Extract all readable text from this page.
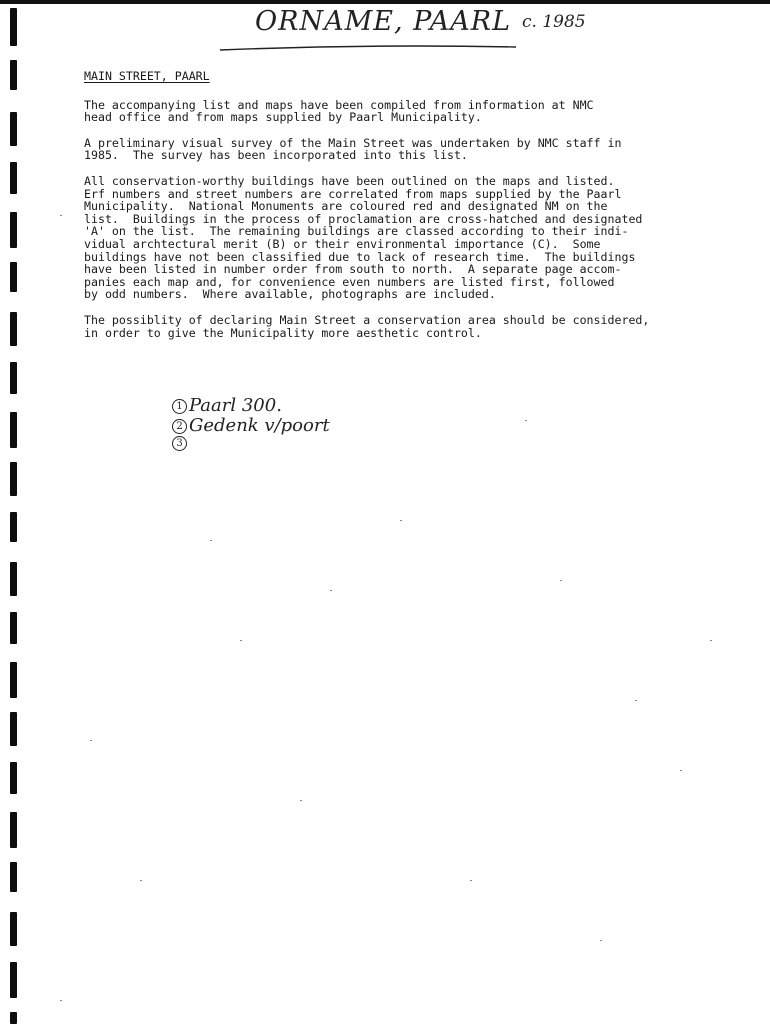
ORNAME, PAARL c. 1985
MAIN STREET, PAARL

The accompanying list and maps have been compiled from information at NMC
head office and from maps supplied by Paarl Municipality.

A preliminary visual survey of the Main Street was undertaken by NMC staff in
1985.  The survey has been incorporated into this list.

All conservation-worthy buildings have been outlined on the maps and listed.
Erf numbers and street numbers are correlated from maps supplied by the Paarl
Municipality.  National Monuments are coloured red and designated NM on the
list.  Buildings in the process of proclamation are cross-hatched and designated
'A' on the list.  The remaining buildings are classed according to their indi-
vidual archtectural merit (B) or their environmental importance (C).  Some
buildings have not been classified due to lack of research time.  The buildings
have been listed in number order from south to north.  A separate page accom-
panies each map and, for convenience even numbers are listed first, followed
by odd numbers.  Where available, photographs are included.

The possiblity of declaring Main Street a conservation area should be considered,
in order to give the Municipality more aesthetic control.

1 Paarl 300.
2 Gedenk v/poort
3
